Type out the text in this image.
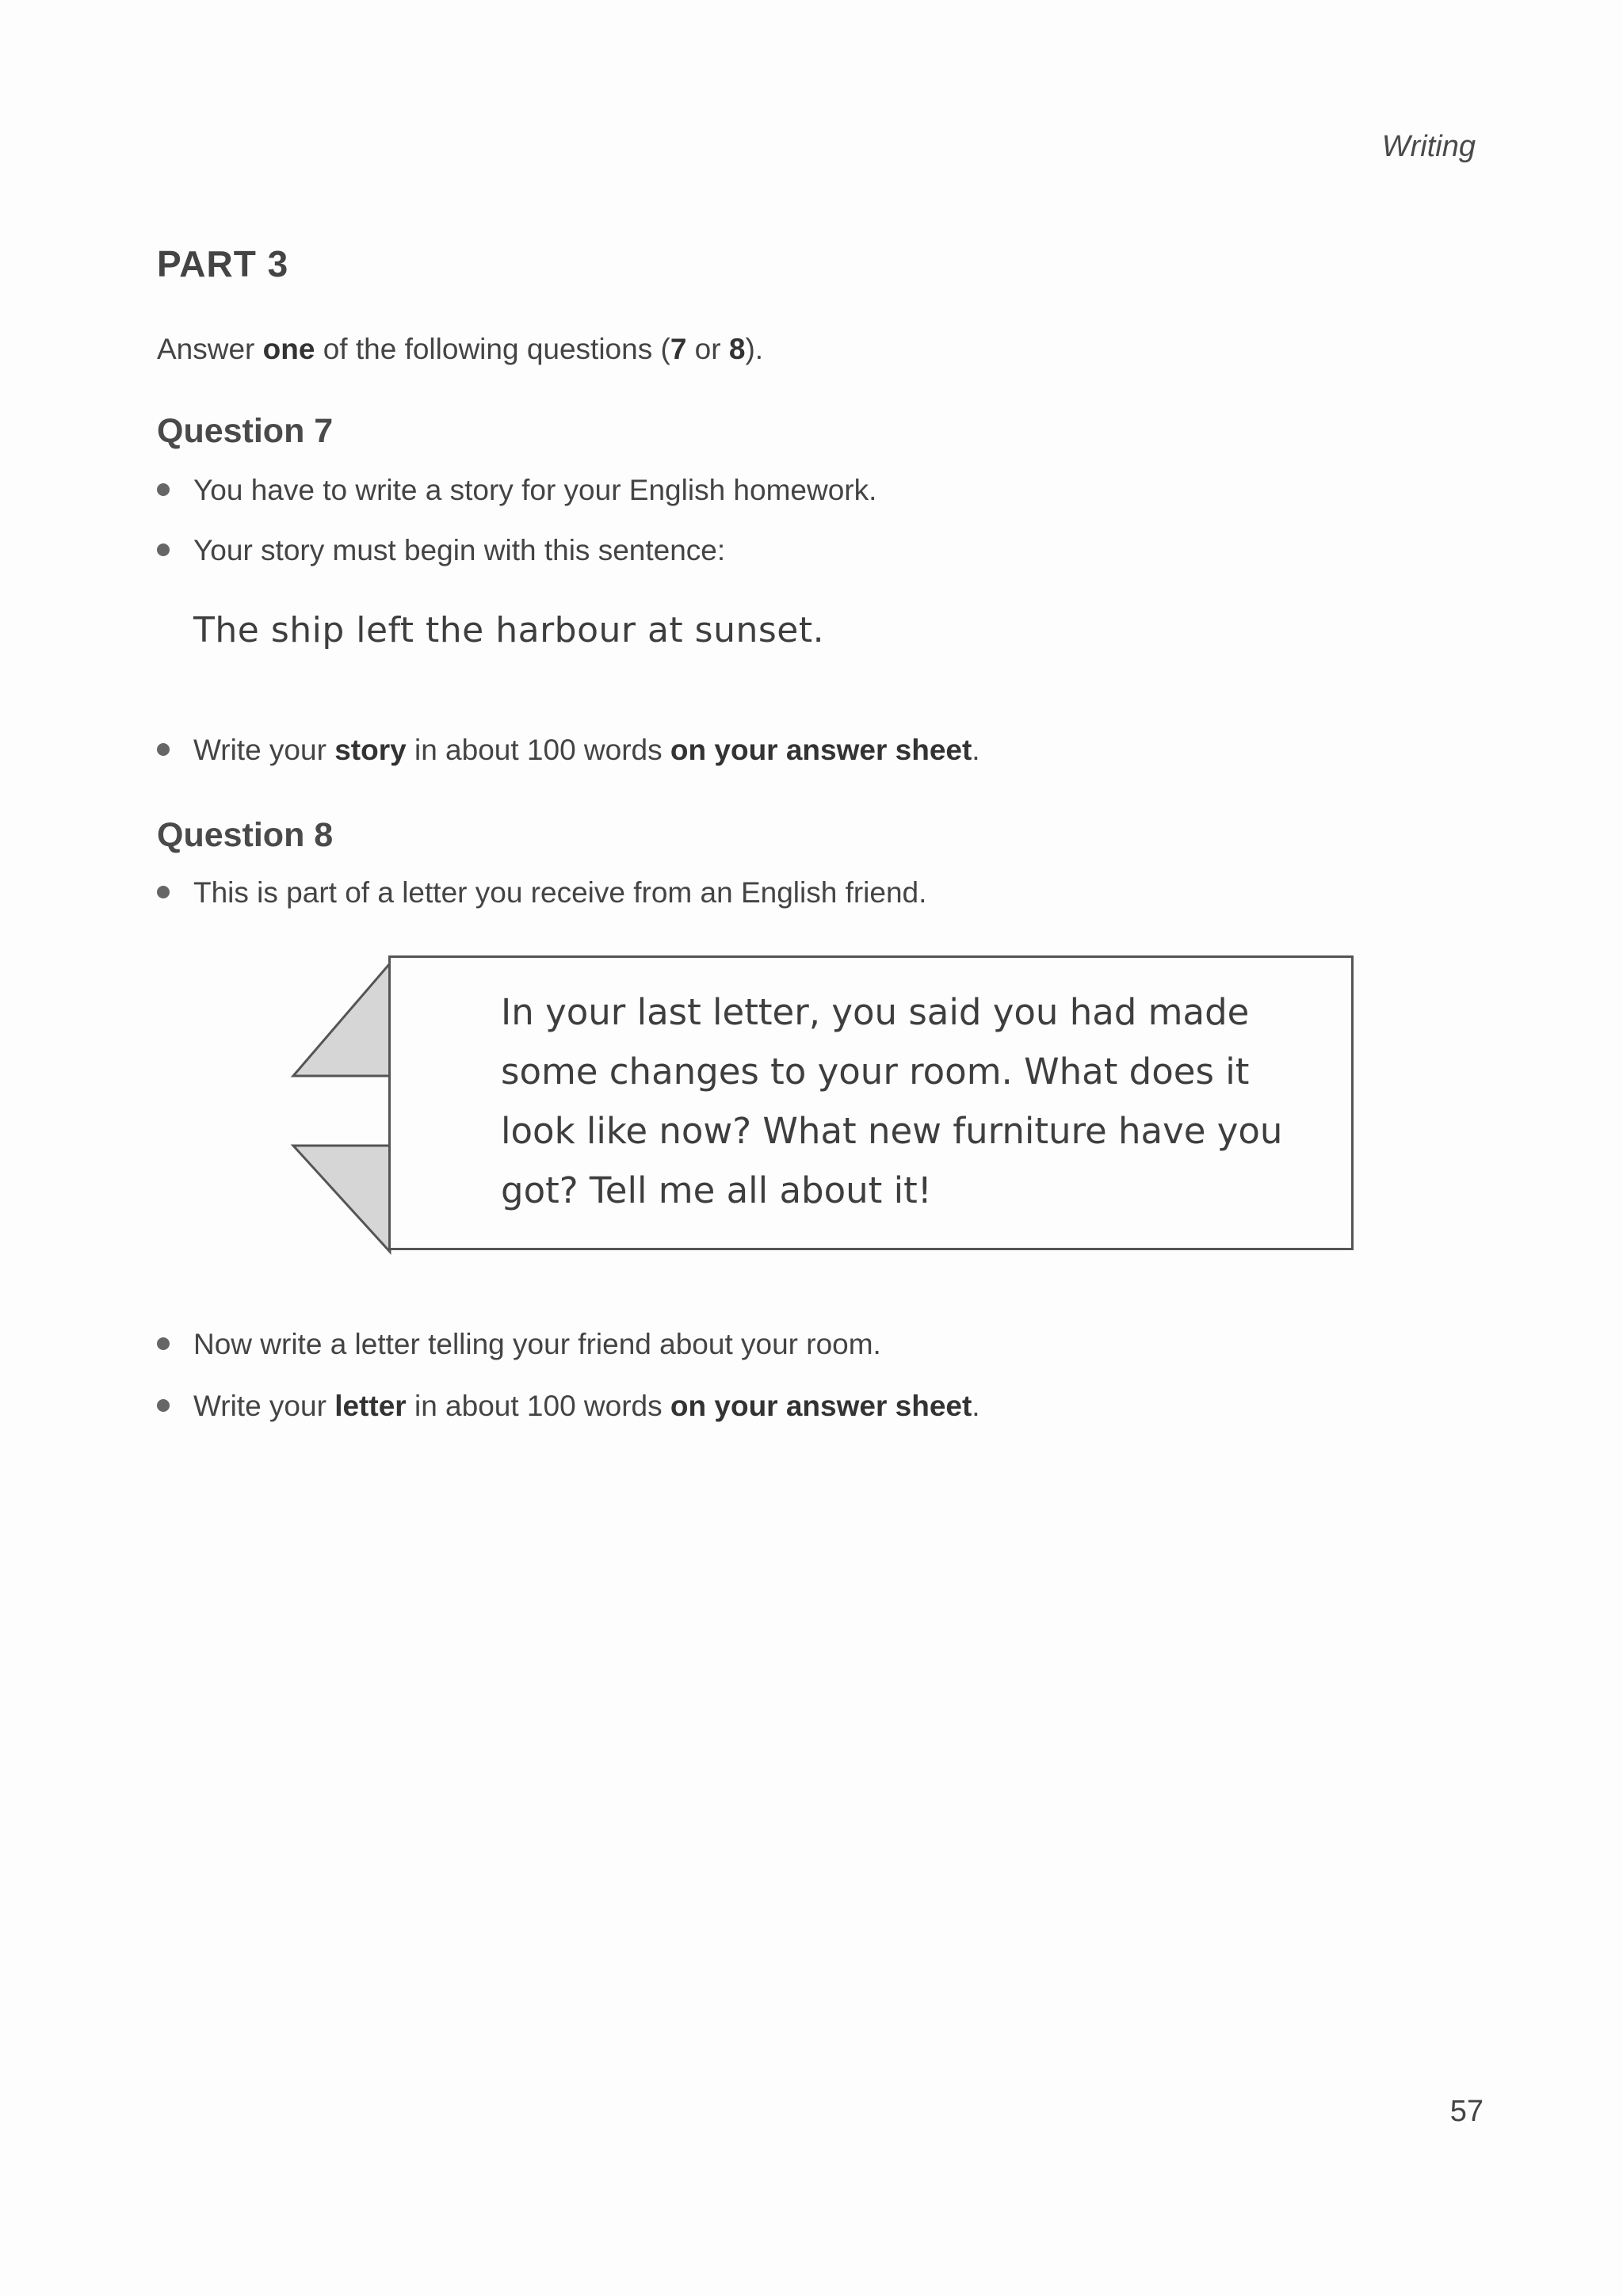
Writing
PART 3
Answer one of the following questions (7 or 8).
Question 7
You have to write a story for your English homework.
Your story must begin with this sentence:
The ship left the harbour at sunset.
Write your story in about 100 words on your answer sheet.
Question 8
This is part of a letter you receive from an English friend.
In your last letter, you said you had made
some changes to your room. What does it
look like now? What new furniture have you
got? Tell me all about it!
Now write a letter telling your friend about your room.
Write your letter in about 100 words on your answer sheet.
57
